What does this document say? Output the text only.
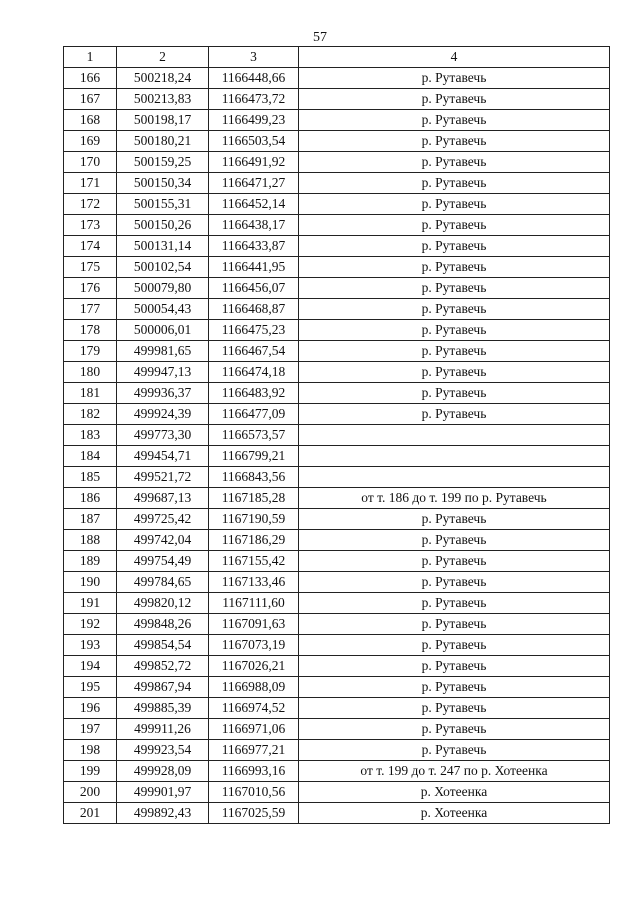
57
1	2	3	4
166	500218,24	1166448,66	р. Рутавечь
167	500213,83	1166473,72	р. Рутавечь
168	500198,17	1166499,23	р. Рутавечь
169	500180,21	1166503,54	р. Рутавечь
170	500159,25	1166491,92	р. Рутавечь
171	500150,34	1166471,27	р. Рутавечь
172	500155,31	1166452,14	р. Рутавечь
173	500150,26	1166438,17	р. Рутавечь
174	500131,14	1166433,87	р. Рутавечь
175	500102,54	1166441,95	р. Рутавечь
176	500079,80	1166456,07	р. Рутавечь
177	500054,43	1166468,87	р. Рутавечь
178	500006,01	1166475,23	р. Рутавечь
179	499981,65	1166467,54	р. Рутавечь
180	499947,13	1166474,18	р. Рутавечь
181	499936,37	1166483,92	р. Рутавечь
182	499924,39	1166477,09	р. Рутавечь
183	499773,30	1166573,57	
184	499454,71	1166799,21	
185	499521,72	1166843,56	
186	499687,13	1167185,28	от т. 186 до т. 199 по р. Рутавечь
187	499725,42	1167190,59	р. Рутавечь
188	499742,04	1167186,29	р. Рутавечь
189	499754,49	1167155,42	р. Рутавечь
190	499784,65	1167133,46	р. Рутавечь
191	499820,12	1167111,60	р. Рутавечь
192	499848,26	1167091,63	р. Рутавечь
193	499854,54	1167073,19	р. Рутавечь
194	499852,72	1167026,21	р. Рутавечь
195	499867,94	1166988,09	р. Рутавечь
196	499885,39	1166974,52	р. Рутавечь
197	499911,26	1166971,06	р. Рутавечь
198	499923,54	1166977,21	р. Рутавечь
199	499928,09	1166993,16	от т. 199 до т. 247 по р. Хотеенка
200	499901,97	1167010,56	р. Хотеенка
201	499892,43	1167025,59	р. Хотеенка
